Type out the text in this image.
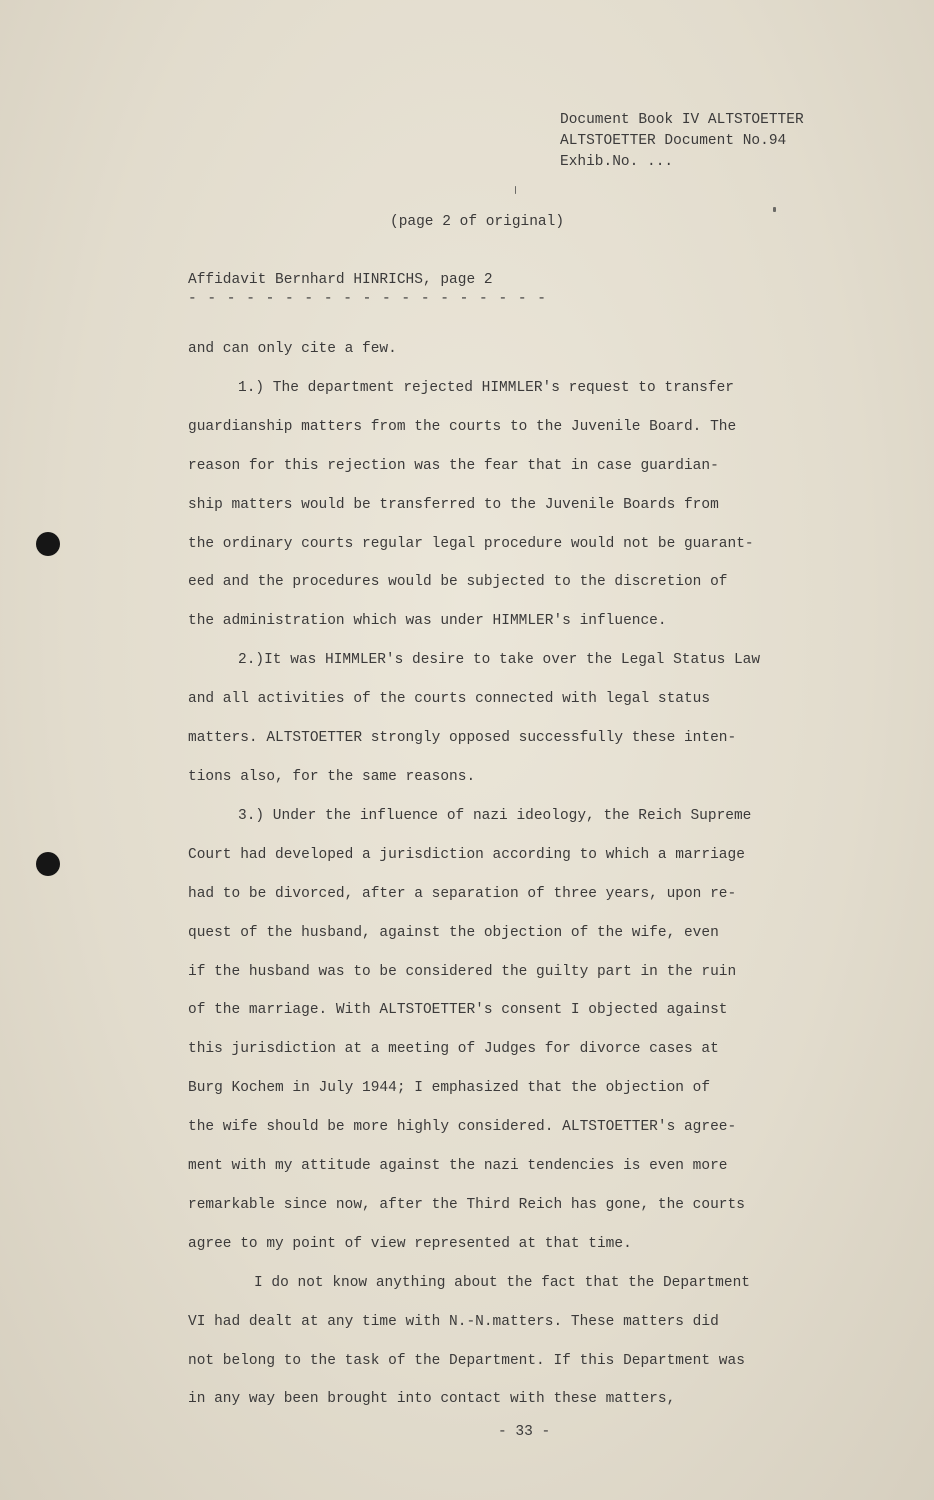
Document Book IV ALTSTOETTER
ALTSTOETTER Document No.94
Exhib.No. ...
(page 2 of original)
Affidavit Bernhard HINRICHS, page 2
- - - - - - - - - - - - - - - - - - -
and can only cite a few.
1.) The department rejected HIMMLER's request to transfer
guardianship matters from the courts to the Juvenile Board. The
reason for this rejection was the fear that in case guardian-
ship matters would be transferred to the Juvenile Boards from
the ordinary courts regular legal procedure would not be guarant-
eed and the procedures would be subjected to the discretion of
the administration which was under HIMMLER's influence.
2.)It was HIMMLER's desire to take over the Legal Status Law
and all activities of the courts connected with legal status
matters. ALTSTOETTER strongly opposed successfully these inten-
tions also, for the same reasons.
3.) Under the influence of nazi ideology, the Reich Supreme
Court had developed a jurisdiction according to which a marriage
had to be divorced, after a separation of three years, upon re-
quest of the husband, against the objection of the wife, even
if the husband was to be considered the guilty part in the ruin
of the marriage. With ALTSTOETTER's consent I objected against
this jurisdiction at a meeting of Judges for divorce cases at
Burg Kochem in July 1944; I emphasized that the objection of
the wife should be more highly considered. ALTSTOETTER's agree-
ment with my attitude against the nazi tendencies is even more
remarkable since now, after the Third Reich has gone, the courts
agree to my point of view represented at that time.
I do not know anything about the fact that the Department
VI had dealt at any time with N.-N.matters. These matters did
not belong to the task of the Department. If this Department was
in any way been brought into contact with these matters,
- 33 -
